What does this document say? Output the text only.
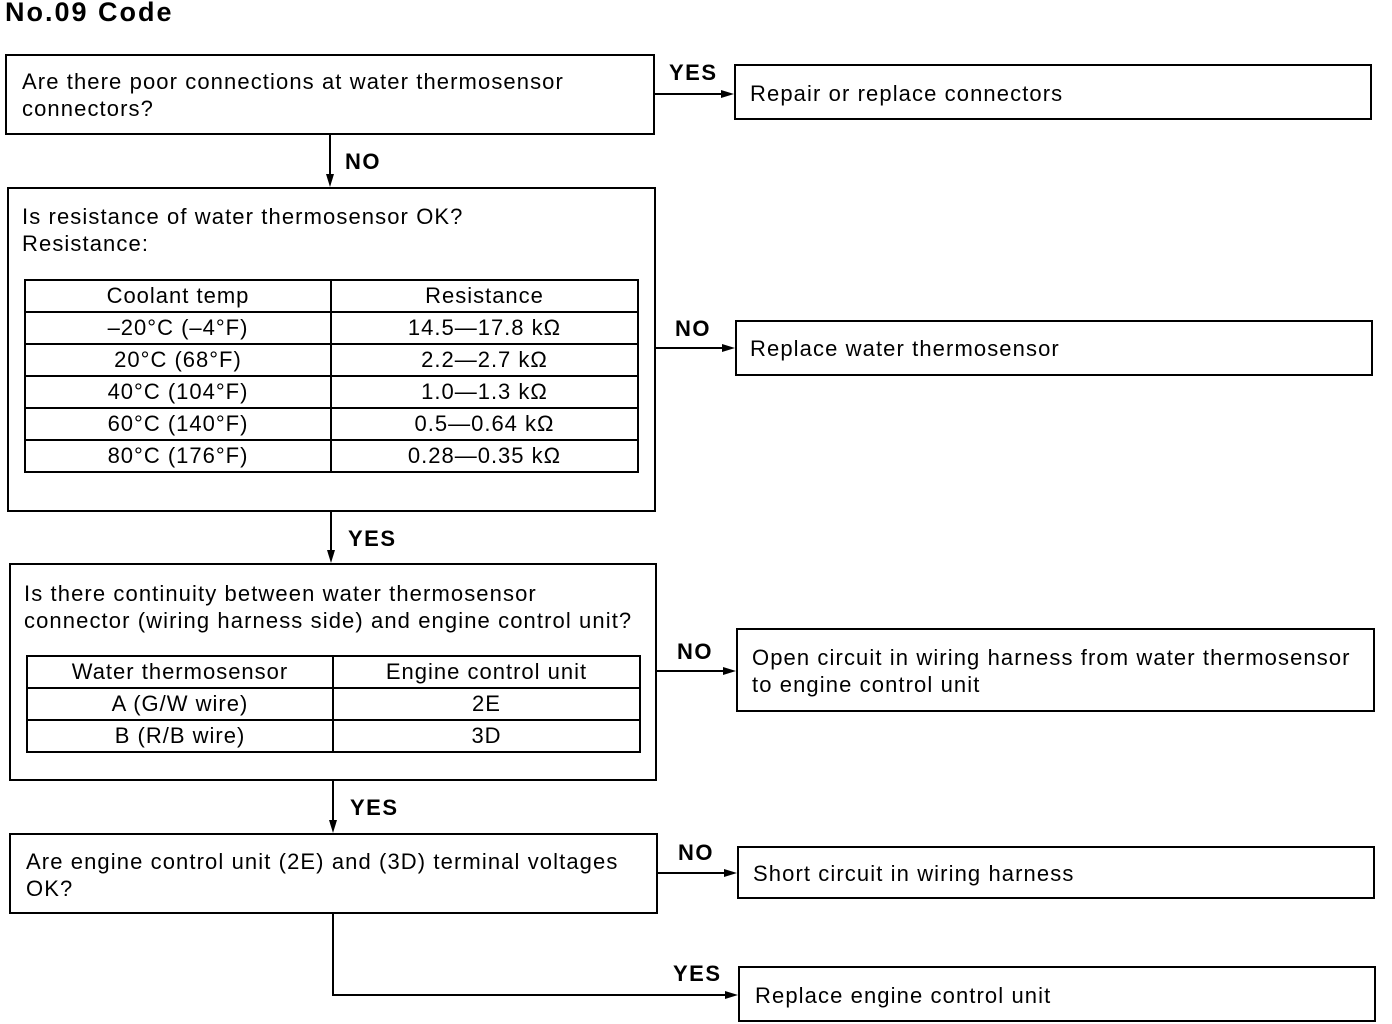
No.09 Code
YES
NO
NO
YES
NO
YES
NO
YES
Are there poor connections at water thermosensor
connectors?
Repair or replace connectors
Is resistance of water thermosensor OK?
Resistance:
Coolant temp	Resistance
–20°C (–4°F)	14.5—17.8 kΩ
20°C (68°F)	2.2—2.7 kΩ
40°C (104°F)	1.0—1.3 kΩ
60°C (140°F)	0.5—0.64 kΩ
80°C (176°F)	0.28—0.35 kΩ
Replace water thermosensor
Is there continuity between water thermosensor
connector (wiring harness side) and engine control unit?
Water thermosensor	Engine control unit
A (G/W wire)	2E
B (R/B wire)	3D
Open circuit in wiring harness from water thermosensor
to engine control unit
Are engine control unit (2E) and (3D) terminal voltages
OK?
Short circuit in wiring harness
Replace engine control unit
